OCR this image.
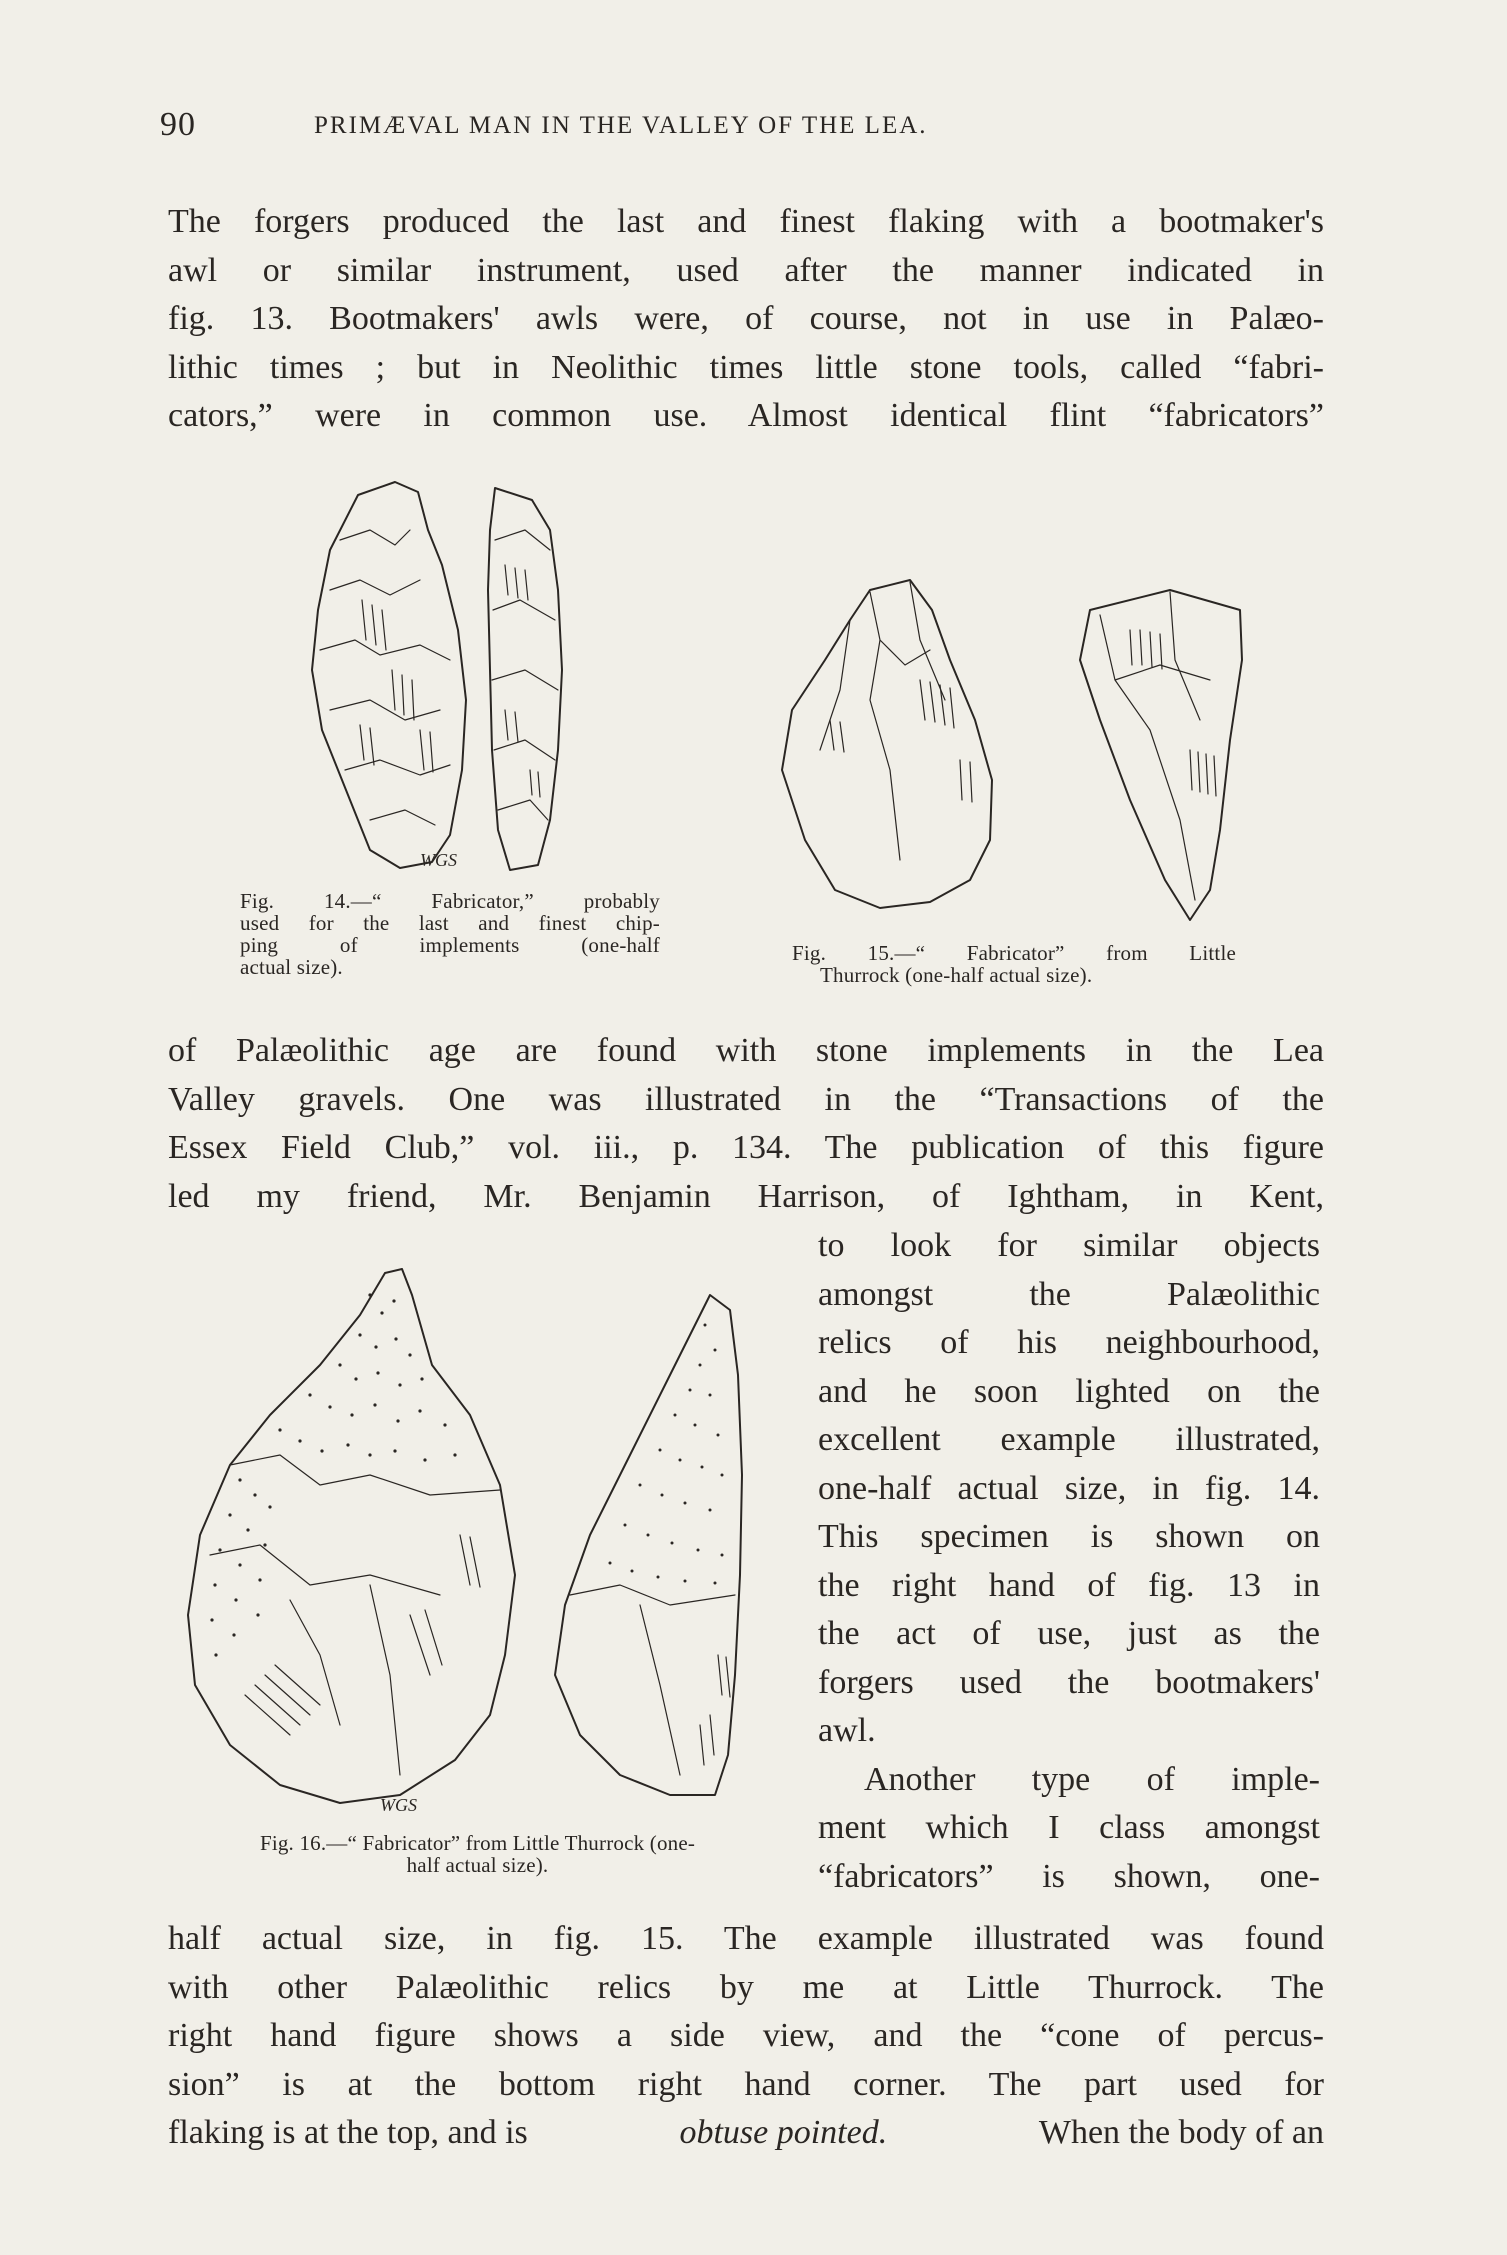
90	PRIMÆVAL MAN IN THE VALLEY OF THE LEA.
The forgers produced the last and finest flaking with a bootmaker's
awl or similar instrument, used after the manner indicated in
fig. 13. Bootmakers' awls were, of course, not in use in Palæo-
lithic times ; but in Neolithic times little stone tools, called “fabri-
cators,” were in common use. Almost identical flint “fabricators”
WGS
Fig. 14.—“ Fabricator,” probably
used for the last and finest chip-
ping of implements (one-half
actual size).
Fig. 15.—“ Fabricator” from Little
Thurrock (one-half actual size).
of Palæolithic age are found with stone implements in the Lea
Valley gravels. One was illustrated in the “Transactions of the
Essex Field Club,” vol. iii., p. 134. The publication of this figure
led my friend, Mr. Benjamin Harrison, of Ightham, in Kent,
to look for similar objects
amongst the Palæolithic
relics of his neighbourhood,
and he soon lighted on the
excellent example illustrated,
one-half actual size, in fig. 14.
This specimen is shown on
the right hand of fig. 13 in
the act of use, just as the
forgers used the bootmakers'
awl.
Another type of imple-
ment which I class amongst
“fabricators” is shown, one-
WGS
Fig. 16.—“ Fabricator” from Little Thurrock (one-
half actual size).
half actual size, in fig. 15. The example illustrated was found
with other Palæolithic relics by me at Little Thurrock. The
right hand figure shows a side view, and the “cone of percus-
sion” is at the bottom right hand corner. The part used for
flaking is at the top, and is	obtuse pointed.	When the body of an
